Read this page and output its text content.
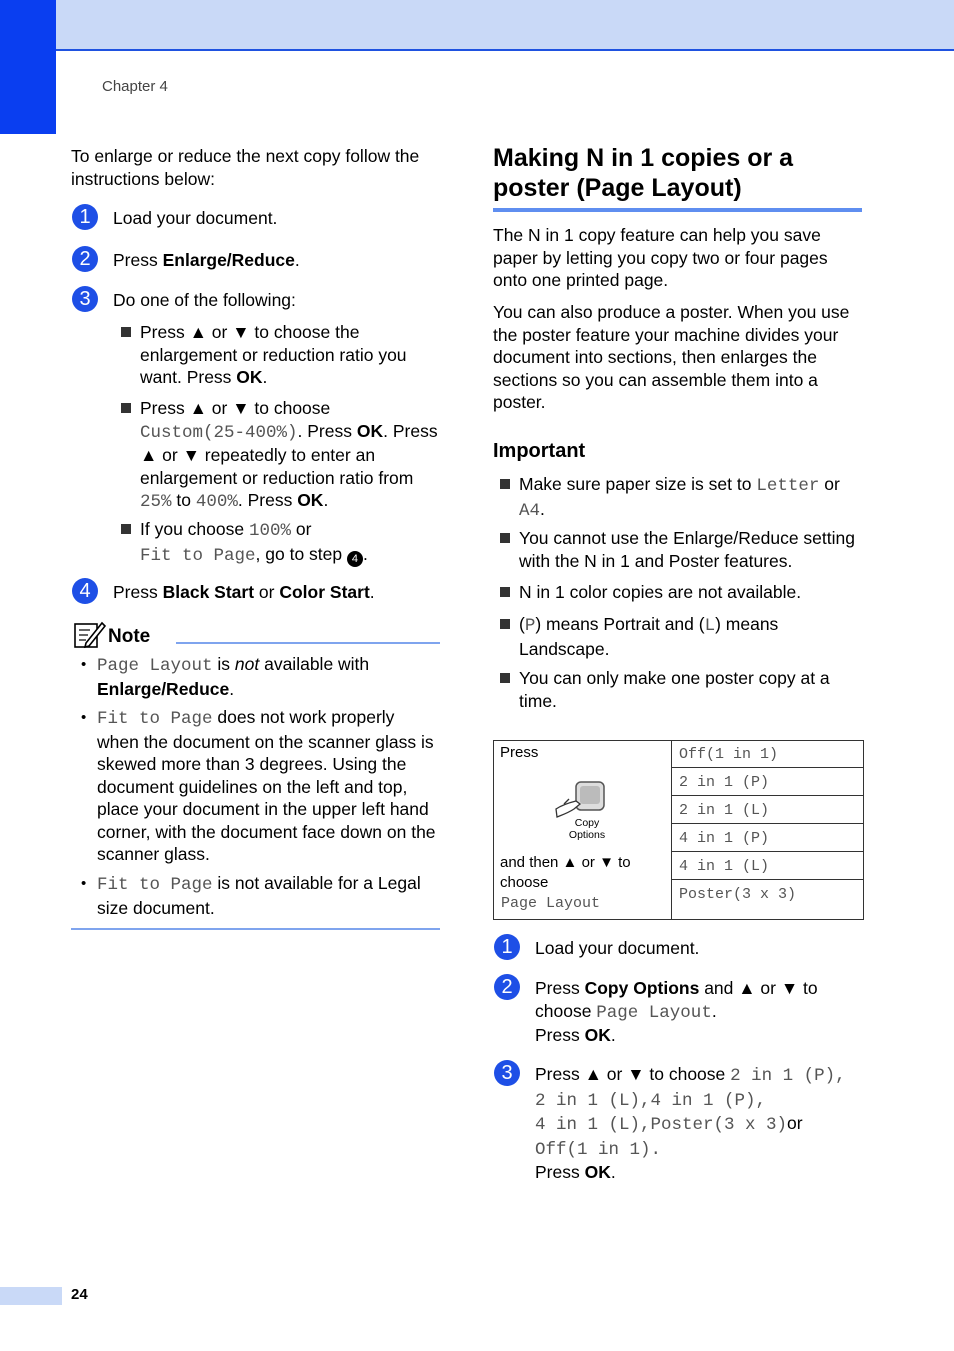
Chapter 4
To enlarge or reduce the next copy follow the instructions below:
1	Load your document.
2	Press Enlarge/Reduce.
3	Do one of the following:
Press ▲ or ▼ to choose the enlargement or reduction ratio you want. Press OK.
Press ▲ or ▼ to choose
Custom(25-400%). Press OK. Press ▲ or ▼ repeatedly to enter an enlargement or reduction ratio from
25% to 400%. Press OK.
If you choose 100% or
Fit to Page, go to step 4 .
4	Press Black Start or Color Start.
Note
• Page Layout is not available with
Enlarge/Reduce.
• Fit to Page does not work properly when the document on the scanner glass is skewed more than 3 degrees. Using the document guidelines on the left and top, place your document in the upper left hand corner, with the document face down on the scanner glass.
• Fit to Page is not available for a Legal size document.
Making N in 1 copies or a poster (Page Layout)
The N in 1 copy feature can help you save paper by letting you copy two or four pages onto one printed page.
You can also produce a poster. When you use the poster feature your machine divides your document into sections, then enlarges the sections so you can assemble them into a poster.
Important
Make sure paper size is set to Letter or
A4.
You cannot use the Enlarge/Reduce setting with the N in 1 and Poster features.
N in 1 color copies are not available.
(P) means Portrait and (L) means Landscape.
You can only make one poster copy at a time.
Press
Copy
Options
and then ▲ or ▼ to choose
Page Layout
Off(1 in 1)
2 in 1 (P)
2 in 1 (L)
4 in 1 (P)
4 in 1 (L)
Poster(3 x 3)
1	Load your document.
2	Press Copy Options and ▲ or ▼ to
choose Page Layout.
Press OK.
3	Press ▲ or ▼ to choose 2 in 1 (P),
2 in 1 (L),4 in 1 (P),
4 in 1 (L),Poster(3 x 3)or
Off(1 in 1).
Press OK.
24
